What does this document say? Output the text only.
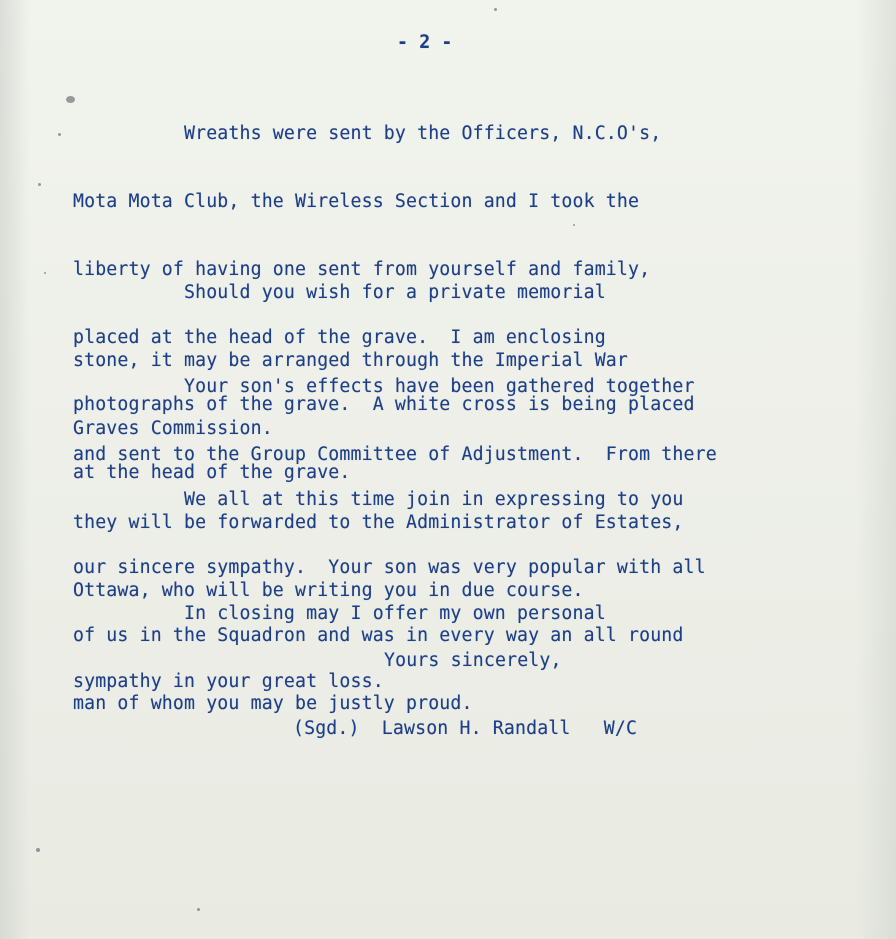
- 2 -

Wreaths were sent by the Officers, N.C.O's,

Mota Mota Club, the Wireless Section and I took the

liberty of having one sent from yourself and family,

placed at the head of the grave.  I am enclosing

photographs of the grave.  A white cross is being placed

at the head of the grave.

Should you wish for a private memorial

stone, it may be arranged through the Imperial War

Graves Commission.

Your son's effects have been gathered together

and sent to the Group Committee of Adjustment.  From there

they will be forwarded to the Administrator of Estates,

Ottawa, who will be writing you in due course.

We all at this time join in expressing to you

our sincere sympathy.  Your son was very popular with all

of us in the Squadron and was in every way an all round

man of whom you may be justly proud.

In closing may I offer my own personal

sympathy in your great loss.

Yours sincerely,
(Sgd.)  Lawson H. Randall   W/C
